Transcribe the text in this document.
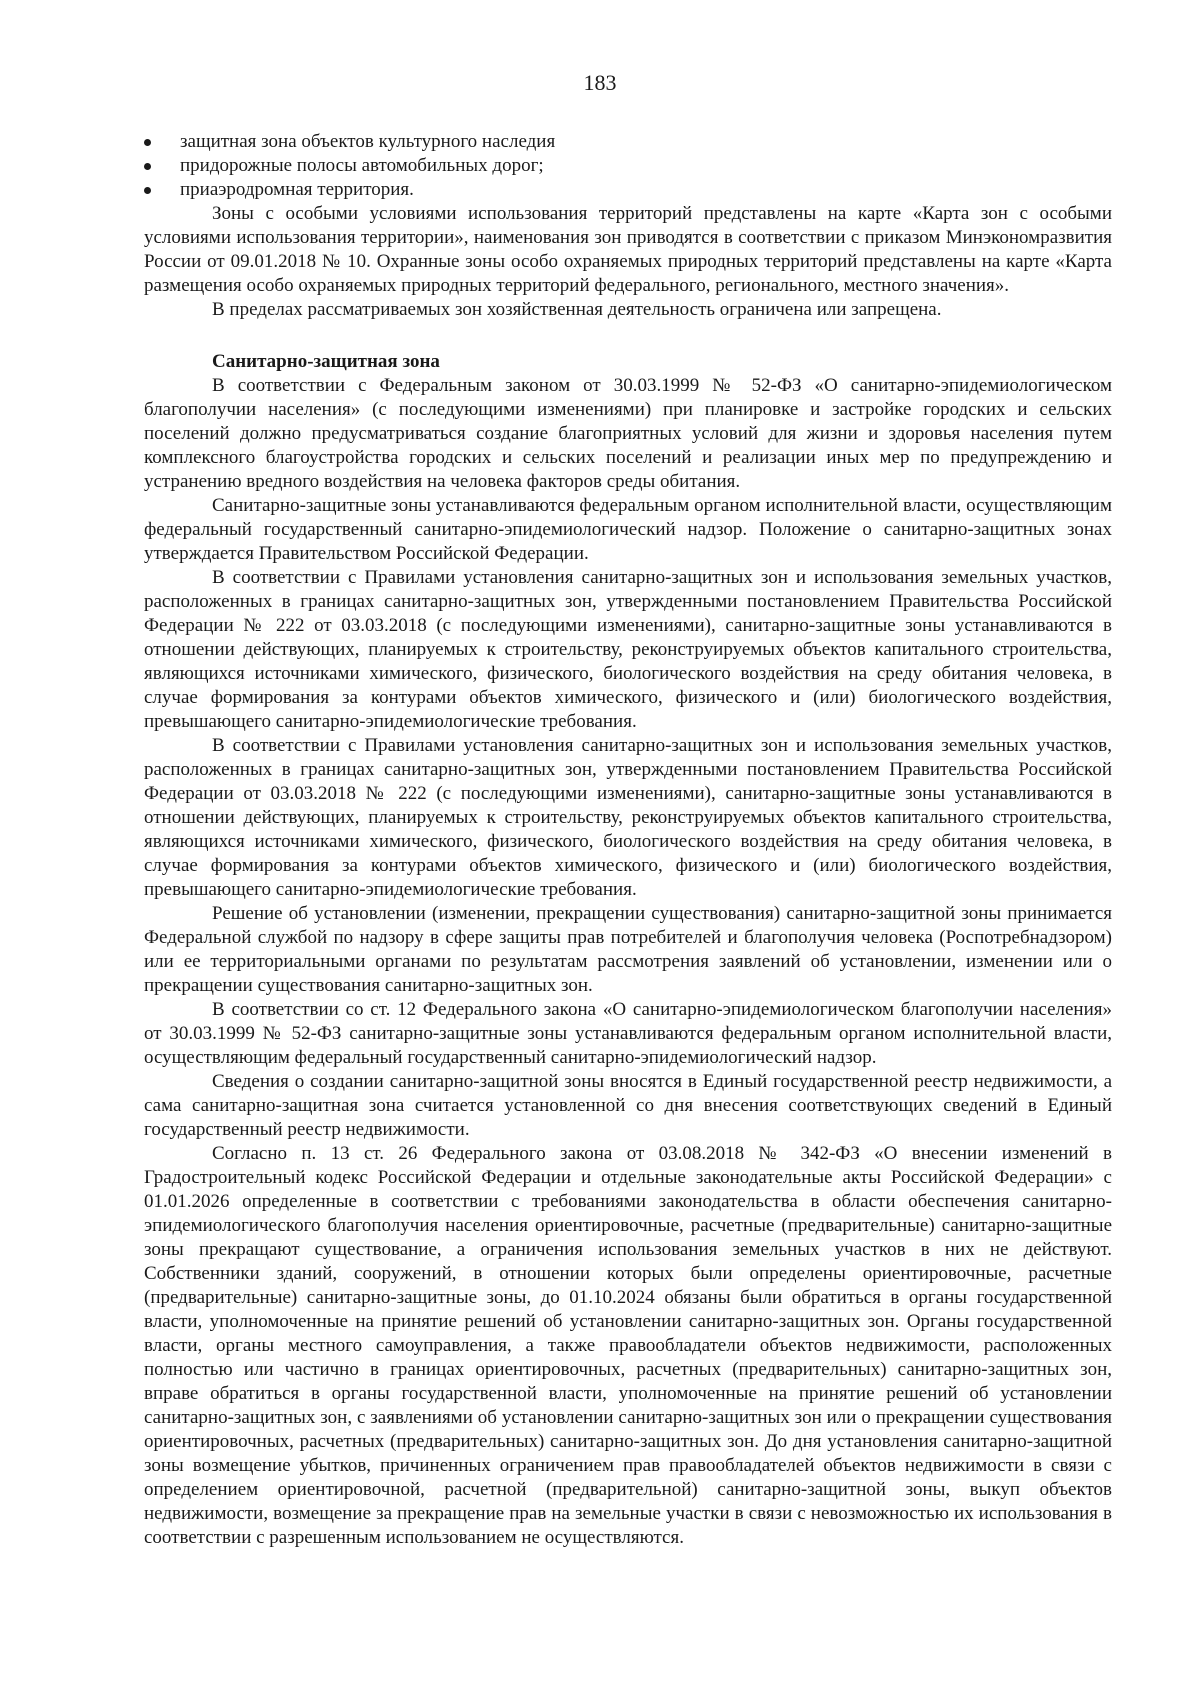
183
защитная зона объектов культурного наследия
придорожные полосы автомобильных дорог;
приаэродромная территория.

Зоны с особыми условиями использования территорий представлены на карте «Карта зон с особыми условиями использования территории», наименования зон приводятся в соответствии с приказом Минэкономразвития России от 09.01.2018 № 10. Охранные зоны особо охраняемых природных территорий представлены на карте «Карта размещения особо охраняемых природных территорий федерального, регионального, местного значения».

В пределах рассматриваемых зон хозяйственная деятельность ограничена или запрещена.

Санитарно-защитная зона

В соответствии с Федеральным законом от 30.03.1999 № 52-ФЗ «О санитарно-эпидемиологическом благополучии населения» (с последующими изменениями) при планировке и застройке городских и сельских поселений должно предусматриваться создание благоприятных условий для жизни и здоровья населения путем комплексного благоустройства городских и сельских поселений и реализации иных мер по предупреждению и устранению вредного воздействия на человека факторов среды обитания.

Санитарно-защитные зоны устанавливаются федеральным органом исполнительной власти, осуществляющим федеральный государственный санитарно-эпидемиологический надзор. Положение о санитарно-защитных зонах утверждается Правительством Российской Федерации.

В соответствии с Правилами установления санитарно-защитных зон и использования земельных участков, расположенных в границах санитарно-защитных зон, утвержденными постановлением Правительства Российской Федерации № 222 от 03.03.2018 (с последующими изменениями), санитарно-защитные зоны устанавливаются в отношении действующих, планируемых к строительству, реконструируемых объектов капитального строительства, являющихся источниками химического, физического, биологического воздействия на среду обитания человека, в случае формирования за контурами объектов химического, физического и (или) биологического воздействия, превышающего санитарно-эпидемиологические требования.

В соответствии с Правилами установления санитарно-защитных зон и использования земельных участков, расположенных в границах санитарно-защитных зон, утвержденными постановлением Правительства Российской Федерации от 03.03.2018 № 222 (с последующими изменениями), санитарно-защитные зоны устанавливаются в отношении действующих, планируемых к строительству, реконструируемых объектов капитального строительства, являющихся источниками химического, физического, биологического воздействия на среду обитания человека, в случае формирования за контурами объектов химического, физического и (или) биологического воздействия, превышающего санитарно-эпидемиологические требования.

Решение об установлении (изменении, прекращении существования) санитарно-защитной зоны принимается Федеральной службой по надзору в сфере защиты прав потребителей и благополучия человека (Роспотребнадзором) или ее территориальными органами по результатам рассмотрения заявлений об установлении, изменении или о прекращении существования санитарно-защитных зон.

В соответствии со ст. 12 Федерального закона «О санитарно-эпидемиологическом благополучии населения» от 30.03.1999 № 52-ФЗ санитарно-защитные зоны устанавливаются федеральным органом исполнительной власти, осуществляющим федеральный государственный санитарно-эпидемиологический надзор.

Сведения о создании санитарно-защитной зоны вносятся в Единый государственной реестр недвижимости, а сама санитарно-защитная зона считается установленной со дня внесения соответствующих сведений в Единый государственный реестр недвижимости.

Согласно п. 13 ст. 26 Федерального закона от 03.08.2018 № 342-ФЗ «О внесении изменений в Градостроительный кодекс Российской Федерации и отдельные законодательные акты Российской Федерации» с 01.01.2026 определенные в соответствии с требованиями законодательства в области обеспечения санитарно-эпидемиологического благополучия населения ориентировочные, расчетные (предварительные) санитарно-защитные зоны прекращают существование, а ограничения использования земельных участков в них не действуют. Собственники зданий, сооружений, в отношении которых были определены ориентировочные, расчетные (предварительные) санитарно-защитные зоны, до 01.10.2024 обязаны были обратиться в органы государственной власти, уполномоченные на принятие решений об установлении санитарно-защитных зон. Органы государственной власти, органы местного самоуправления, а также правообладатели объектов недвижимости, расположенных полностью или частично в границах ориентировочных, расчетных (предварительных) санитарно-защитных зон, вправе обратиться в органы государственной власти, уполномоченные на принятие решений об установлении санитарно-защитных зон, с заявлениями об установлении санитарно-защитных зон или о прекращении существования ориентировочных, расчетных (предварительных) санитарно-защитных зон. До дня установления санитарно-защитной зоны возмещение убытков, причиненных ограничением прав правообладателей объектов недвижимости в связи с определением ориентировочной, расчетной (предварительной) санитарно-защитной зоны, выкуп объектов недвижимости, возмещение за прекращение прав на земельные участки в связи с невозможностью их использования в соответствии с разрешенным использованием не осуществляются.
